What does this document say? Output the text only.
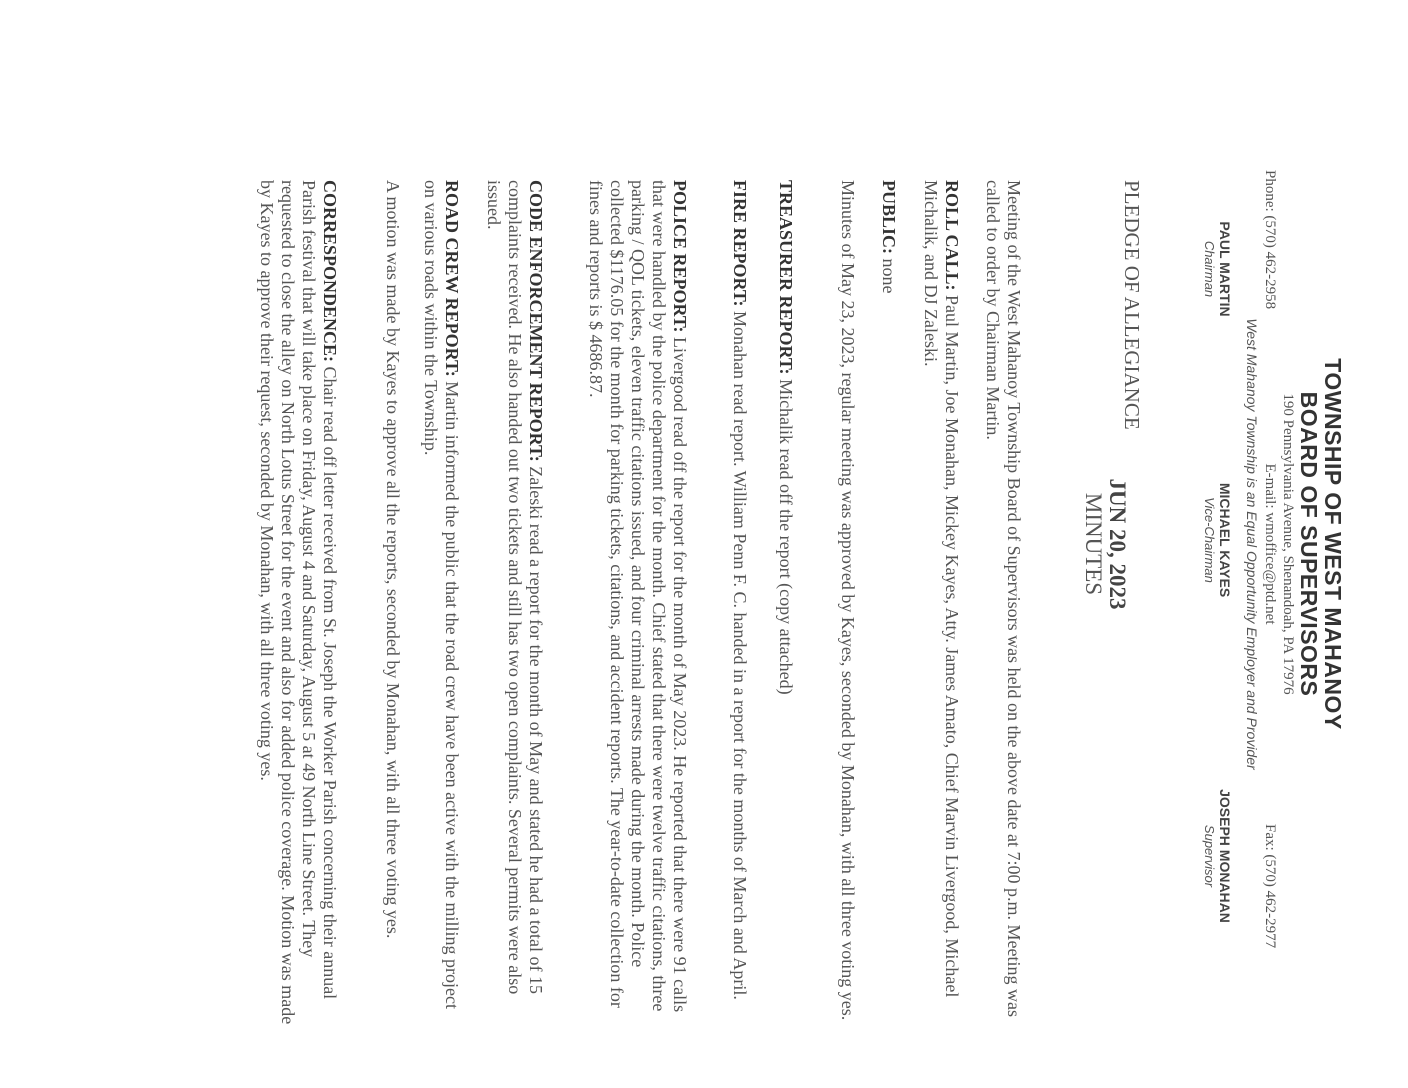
TOWNSHIP OF WEST MAHANOY
BOARD OF SUPERVISORS
190 Pennsylvania Avenue, Shenandoah, PA 17976
E-mail: wmoffice@ptd.net
Phone: (570) 462-2958
Fax: (570) 462-2977
West Mahanoy Township is an Equal Opportunity Employer and Provider
PAUL MARTIN
Chairman
MICHAEL KAYES
Vice-Chairman
JOSEPH MONAHAN
Supervisor
PLEDGE OF ALLEGIANCE
JUN 20, 2023
MINUTES
Meeting of the West Mahanoy Township Board of Supervisors was held on the above date at 7:00 p.m. Meeting was called to order by Chairman Martin.
ROLL CALL: Paul Martin, Joe Monahan, Mickey Kayes, Atty. James Amato, Chief Marvin Livergood, Michael Michalik, and DJ Zaleski.
PUBLIC: none
Minutes of May 23, 2023, regular meeting was approved by Kayes, seconded by Monahan, with all three voting yes.
TREASURER REPORT: Michalik read off the report (copy attached)
FIRE REPORT: Monahan read report. William Penn F. C. handed in a report for the months of March and April.
POLICE REPORT: Livergood read off the report for the month of May 2023. He reported that there were 91 calls that were handled by the police department for the month. Chief stated that there were twelve traffic citations, three parking / QOL tickets, eleven traffic citations issued, and four criminal arrests made during the month. Police collected $1176.05 for the month for parking tickets, citations, and accident reports. The year-to-date collection for fines and reports is $ 4686.87.
CODE ENFORCEMENT REPORT: Zaleski read a report for the month of May and stated he had a total of 15 complaints received. He also handed out two tickets and still has two open complaints. Several permits were also issued.
ROAD CREW REPORT: Martin informed the public that the road crew have been active with the milling project on various roads within the Township.
A motion was made by Kayes to approve all the reports, seconded by Monahan, with all three voting yes.
CORRESPONDENCE: Chair read off letter received from St. Joseph the Worker Parish concerning their annual Parish festival that will take place on Friday, August 4 and Saturday, August 5 at 49 North Line Street. They requested to close the alley on North Lotus Street for the event and also for added police coverage. Motion was made by Kayes to approve their request, seconded by Monahan, with all three voting yes.
